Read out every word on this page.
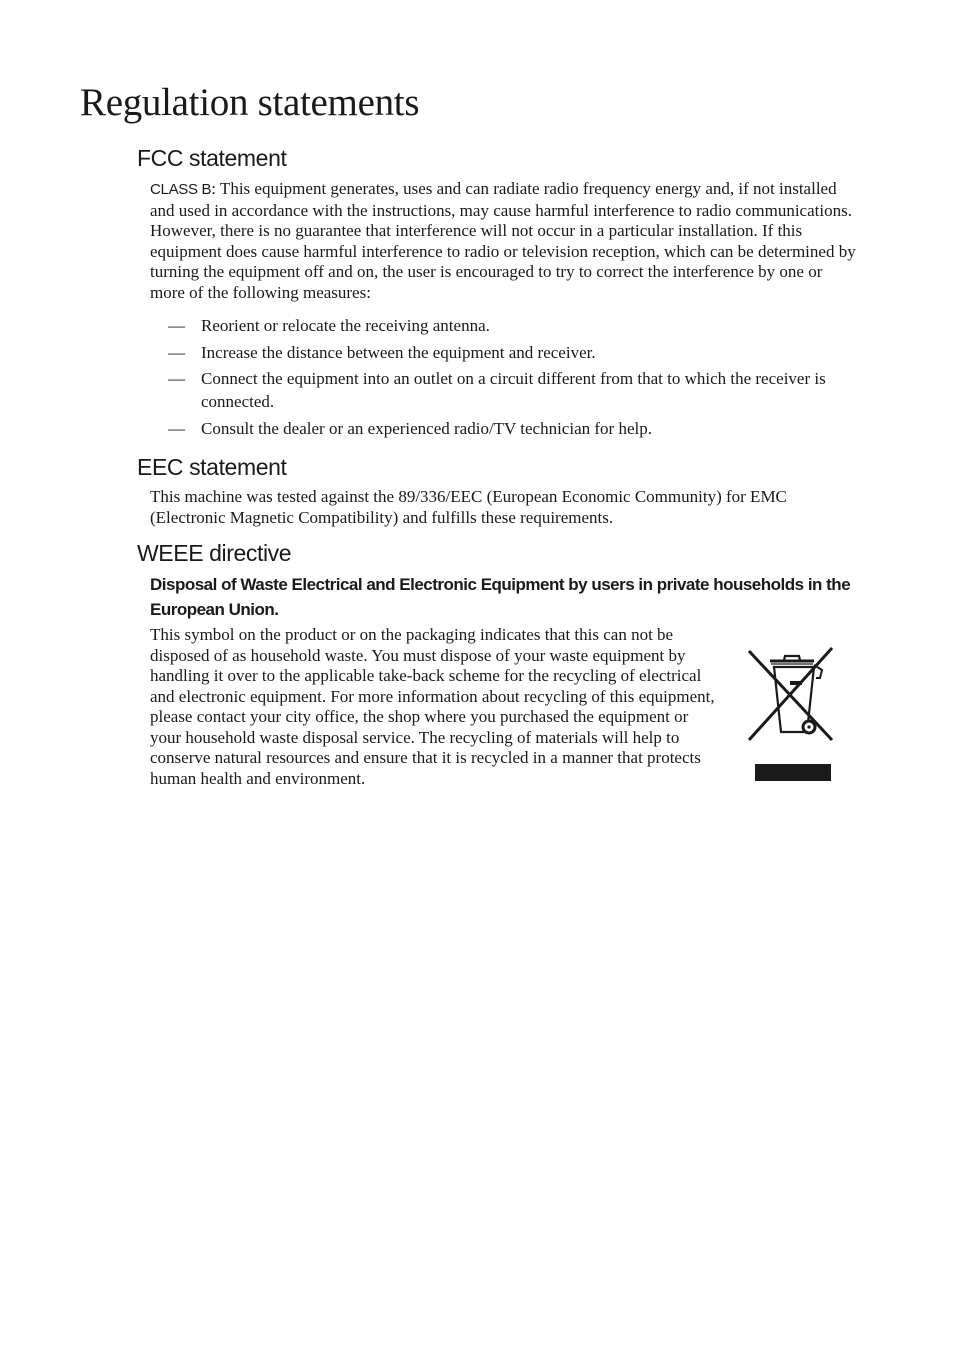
Regulation statements
FCC statement

CLASS B: This equipment generates, uses and can radiate radio frequency energy and, if not installed and used in accordance with the instructions, may cause harmful interference to radio communications. However, there is no guarantee that interference will not occur in a particular installation. If this equipment does cause harmful interference to radio or television reception, which can be determined by turning the equipment off and on, the user is encouraged to try to correct the interference by one or more of the following measures:

— Reorient or relocate the receiving antenna.
— Increase the distance between the equipment and receiver.
— Connect the equipment into an outlet on a circuit different from that to which the receiver is connected.
— Consult the dealer or an experienced radio/TV technician for help.
EEC statement

This machine was tested against the 89/336/EEC (European Economic Community) for EMC (Electronic Magnetic Compatibility) and fulfills these requirements.

WEEE directive

Disposal of Waste Electrical and Electronic Equipment by users in private households in the European Union.

This symbol on the product or on the packaging indicates that this can not be disposed of as household waste. You must dispose of your waste equipment by handling it over to the applicable take-back scheme for the recycling of electrical and electronic equipment. For more information about recycling of this equipment, please contact your city office, the shop where you purchased the equipment or your household waste disposal service. The recycling of materials will help to conserve natural resources and ensure that it is recycled in a manner that protects human health and environment.
